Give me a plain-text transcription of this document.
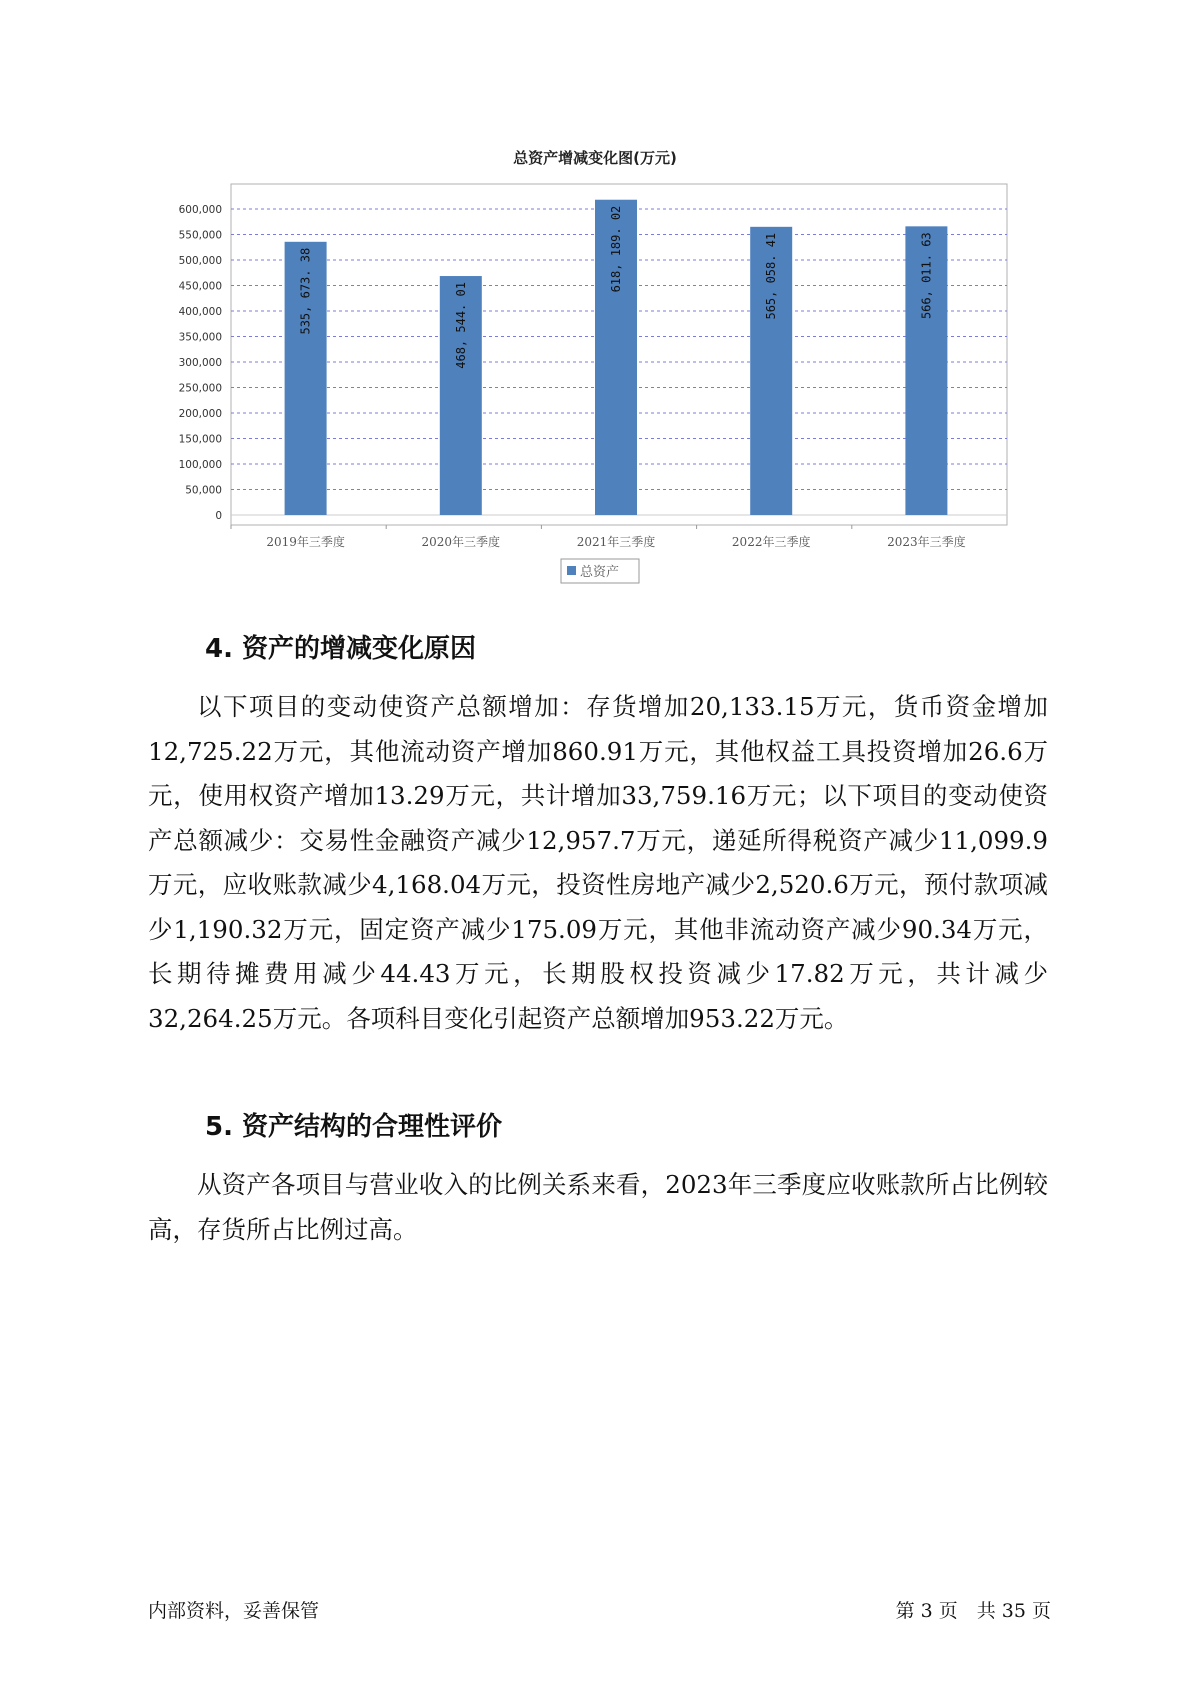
总资产增减变化图(万元)
0
50,000
100,000
150,000
200,000
250,000
300,000
350,000
400,000
450,000
500,000
550,000
600,000
535, 673. 38	468, 544. 01
618, 189. 02	565, 058. 41	566, 011. 63
2019年三季度	2020年三季度	2021年三季度	2022年三季度	2023年三季度
总资产
4. 资产的增减变化原因

以下项目的变动使资产总额增加：存货增加20,133.15万元，货币资金增加12,725.22万元，其他流动资产增加860.91万元，其他权益工具投资增加26.6万元，使用权资产增加13.29万元，共计增加33,759.16万元；以下项目的变动使资产总额减少：交易性金融资产减少12,957.7万元，递延所得税资产减少11,099.9万元，应收账款减少4,168.04万元，投资性房地产减少2,520.6万元，预付款项减少1,190.32万元，固定资产减少175.09万元，其他非流动资产减少90.34万元，长期待摊费用减少44.43万元，长期股权投资减少17.82万元，共计减少32,264.25万元。各项科目变化引起资产总额增加953.22万元。

5. 资产结构的合理性评价

从资产各项目与营业收入的比例关系来看，2023年三季度应收账款所占比例较高，存货所占比例过高。

内部资料，妥善保管	第 3 页　共 35 页
